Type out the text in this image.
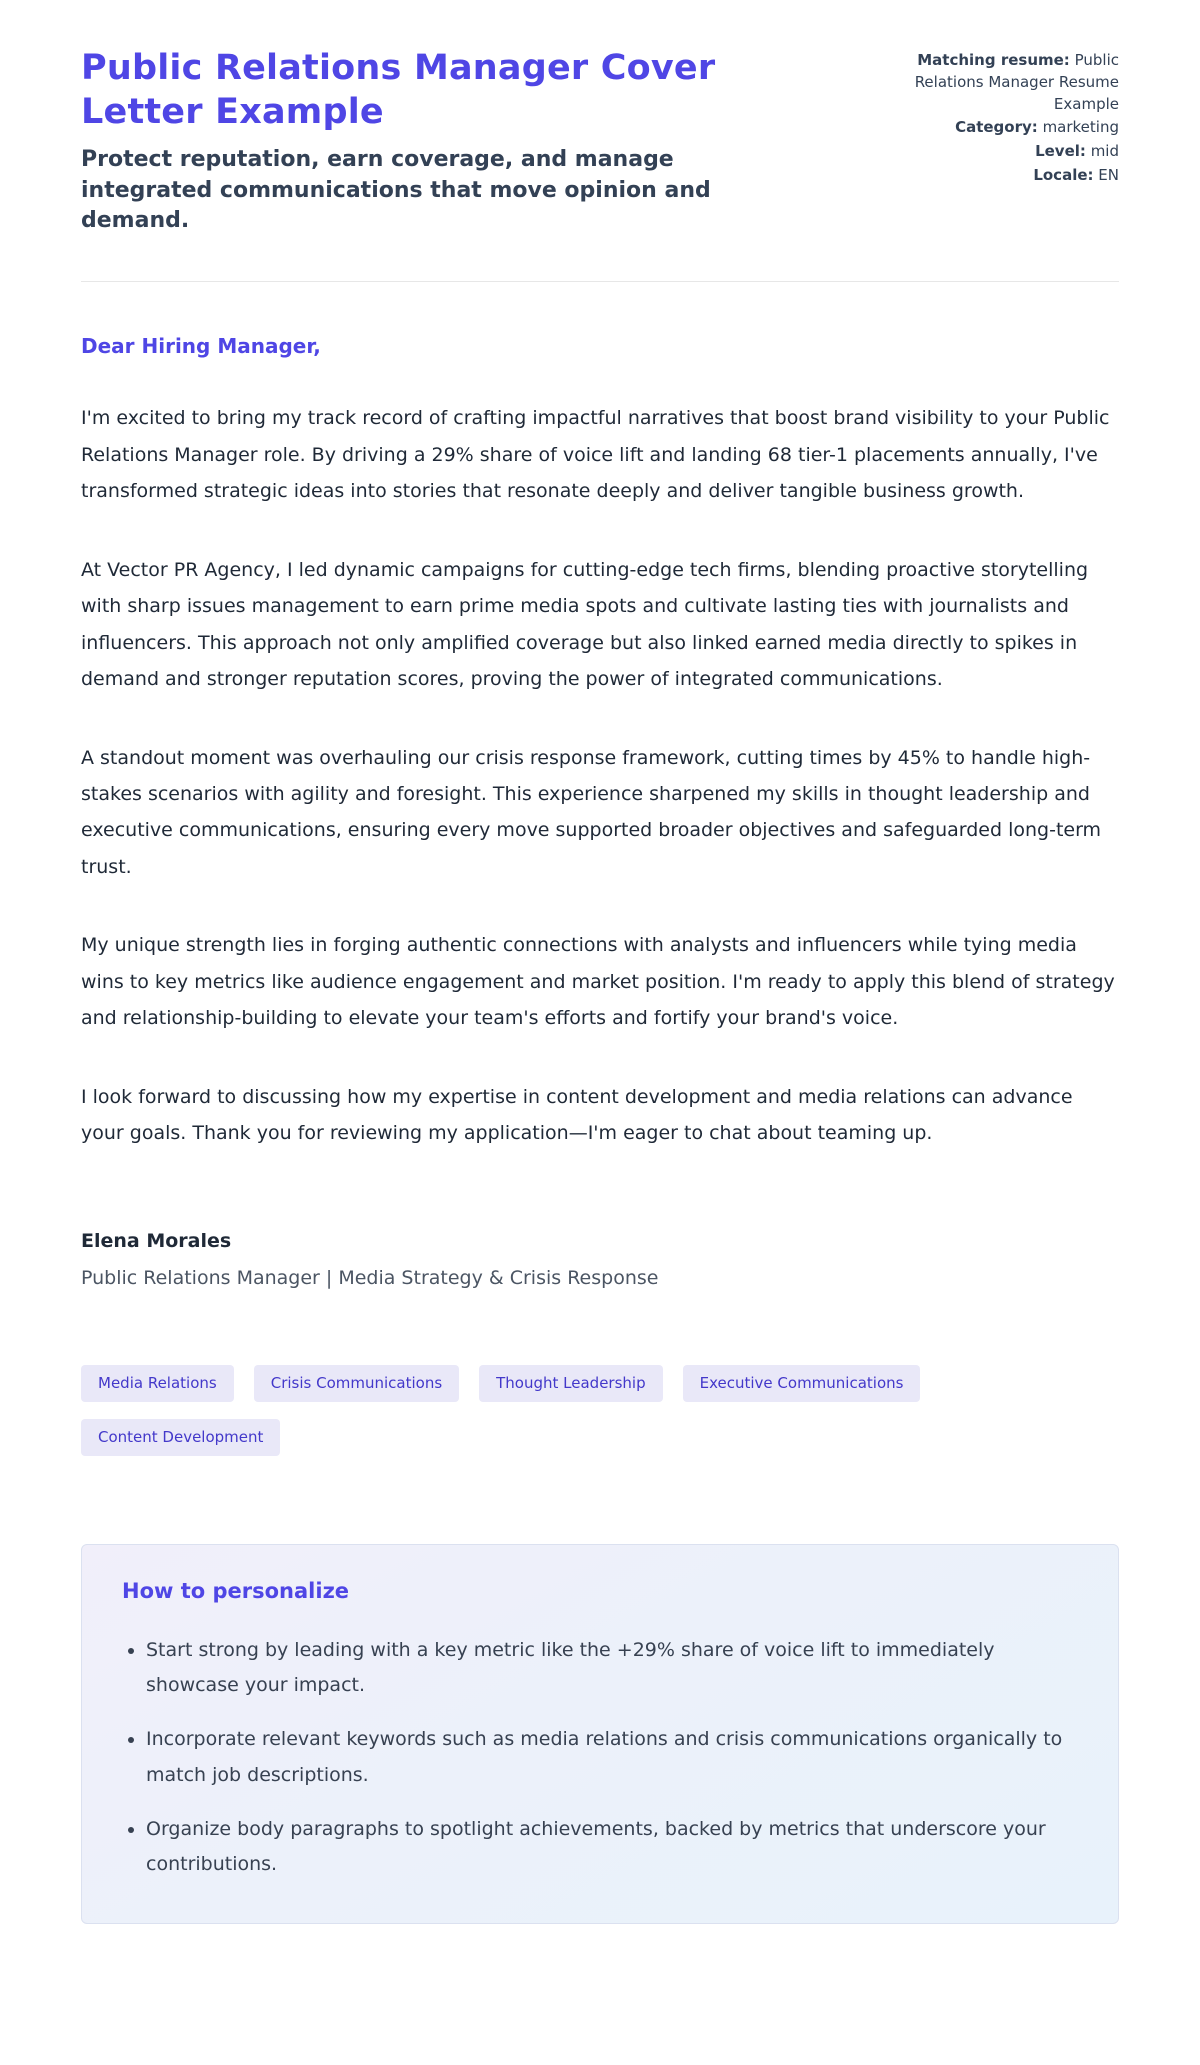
Public Relations Manager Cover Letter Example

Protect reputation, earn coverage, and manage integrated communications that move opinion and demand.

Matching resume: Public Relations Manager Resume Example
Category: marketing
Level: mid
Locale: EN

Dear Hiring Manager,

I'm excited to bring my track record of crafting impactful narratives that boost brand visibility to your Public Relations Manager role. By driving a 29% share of voice lift and landing 68 tier-1 placements annually, I've transformed strategic ideas into stories that resonate deeply and deliver tangible business growth.

At Vector PR Agency, I led dynamic campaigns for cutting-edge tech firms, blending proactive storytelling with sharp issues management to earn prime media spots and cultivate lasting ties with journalists and influencers. This approach not only amplified coverage but also linked earned media directly to spikes in demand and stronger reputation scores, proving the power of integrated communications.

A standout moment was overhauling our crisis response framework, cutting times by 45% to handle high-stakes scenarios with agility and foresight. This experience sharpened my skills in thought leadership and executive communications, ensuring every move supported broader objectives and safeguarded long-term trust.

My unique strength lies in forging authentic connections with analysts and influencers while tying media wins to key metrics like audience engagement and market position. I'm ready to apply this blend of strategy and relationship-building to elevate your team's efforts and fortify your brand's voice.

I look forward to discussing how my expertise in content development and media relations can advance your goals. Thank you for reviewing my application—I'm eager to chat about teaming up.

Elena Morales

Public Relations Manager | Media Strategy & Crisis Response

Media Relations	Crisis Communications	Thought Leadership	Executive Communications
Content Development
How to personalize
• Start strong by leading with a key metric like the +29% share of voice lift to immediately showcase your impact.
• Incorporate relevant keywords such as media relations and crisis communications organically to match job descriptions.
• Organize body paragraphs to spotlight achievements, backed by metrics that underscore your contributions.
